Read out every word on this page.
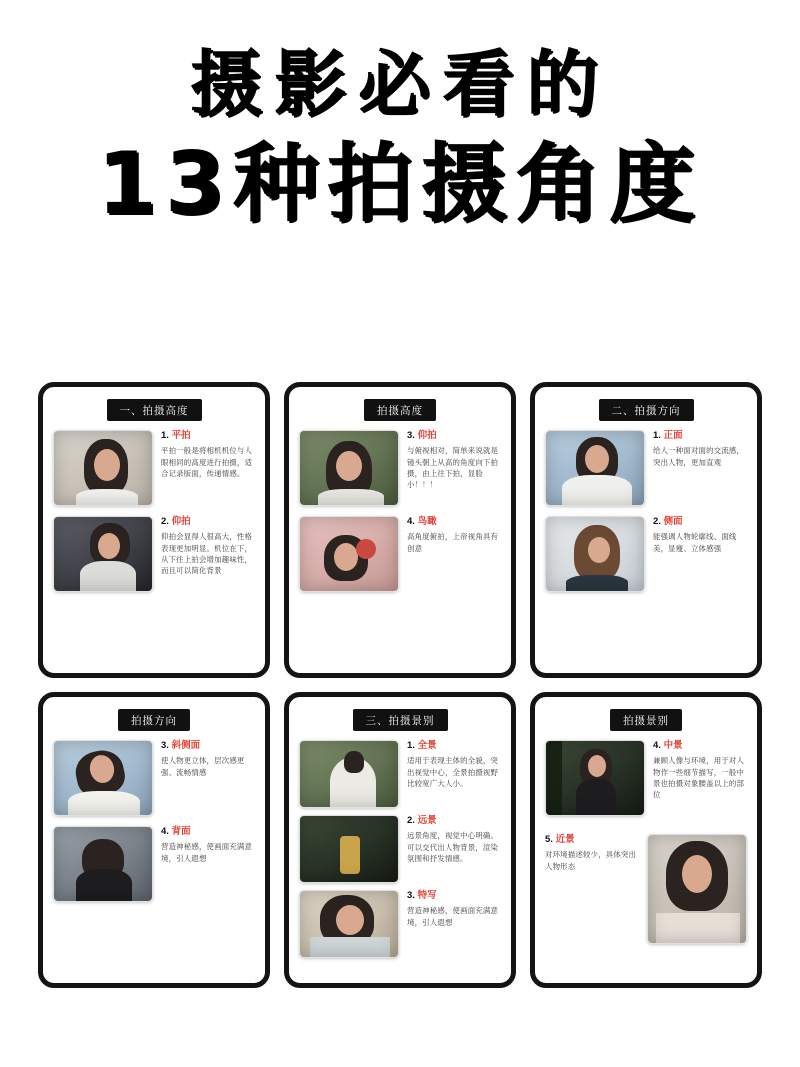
摄影必看的
13种拍摄角度
一、拍摄高度
1. 平拍
平拍一般是将相机机位与人眼相同的高度进行拍摄，适合记录版面，传递情感。
2. 仰拍
仰拍会显得人很高大，性格表现更加明显。机位在下，从下往上拍会增加趣味性，而且可以简化背景
拍摄高度
3. 仰拍
与俯视相对，简单来说就是镜头朝上从高的角度向下拍摄，由上往下拍，显脸小！！！
4. 鸟瞰
高角度俯拍，上帝视角具有创意
二、拍摄方向
1. 正面
给人一种面对面的交流感，突出人物，更加直观
2. 侧面
能强调人物轮廓线、面线美，显瘦、立体感强
拍摄方向
3. 斜侧面
使人物更立体，层次感更强、流畅情感
4. 背面
营造神秘感，使画面充满意境，引人遐想
三、拍摄景别
1. 全景
适用于表现主体的全貌，突出视觉中心，全景拍摄视野比较宽广大人小。
2. 远景
远景角度，视觉中心明确。可以交代出人物背景，渲染氛围和抒发情感。
3. 特写
营造神秘感，使画面充满意境，引人遐想
拍摄景别
4. 中景
兼顾人像与环境，用于对人物作一些细节描写，一般中景也拍摄对象腰盖以上的部位
5. 近景
对环境描述较少，具体突出人物形态
